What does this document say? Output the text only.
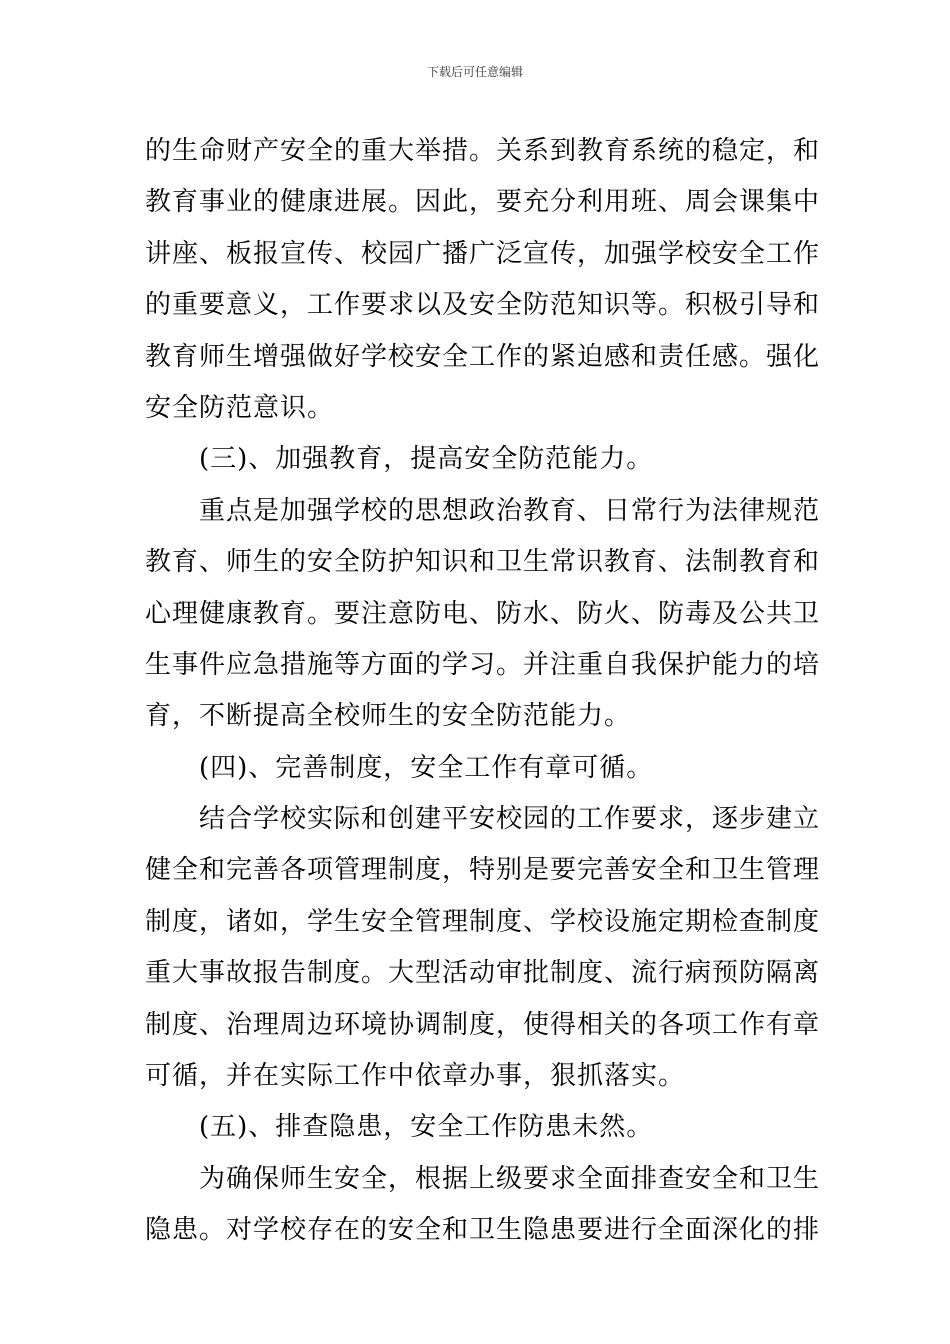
下载后可任意编辑
的生命财产安全的重大举措。关系到教育系统的稳定，和
教育事业的健康进展。因此，要充分利用班、周会课集中
讲座、板报宣传、校园广播广泛宣传，加强学校安全工作
的重要意义，工作要求以及安全防范知识等。积极引导和
教育师生增强做好学校安全工作的紧迫感和责任感。强化
安全防范意识。
(三)、加强教育，提高安全防范能力。
重点是加强学校的思想政治教育、日常行为法律规范
教育、师生的安全防护知识和卫生常识教育、法制教育和
心理健康教育。要注意防电、防水、防火、防毒及公共卫
生事件应急措施等方面的学习。并注重自我保护能力的培
育，不断提高全校师生的安全防范能力。
(四)、完善制度，安全工作有章可循。
结合学校实际和创建平安校园的工作要求，逐步建立
健全和完善各项管理制度，特别是要完善安全和卫生管理
制度，诸如，学生安全管理制度、学校设施定期检查制度
重大事故报告制度。大型活动审批制度、流行病预防隔离
制度、治理周边环境协调制度，使得相关的各项工作有章
可循，并在实际工作中依章办事，狠抓落实。
(五)、排查隐患，安全工作防患未然。
为确保师生安全，根据上级要求全面排查安全和卫生
隐患。对学校存在的安全和卫生隐患要进行全面深化的排
